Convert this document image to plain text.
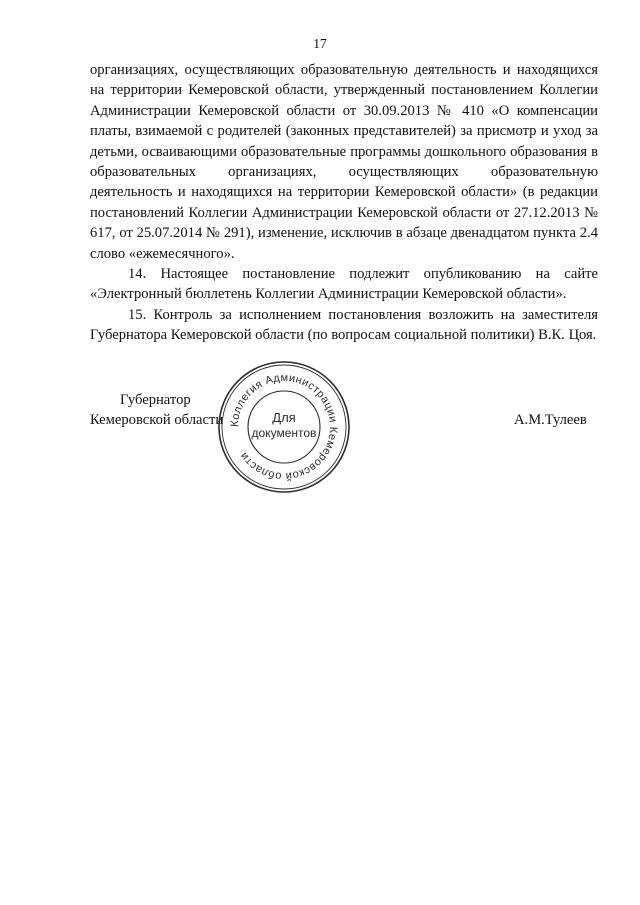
17

организациях, осуществляющих образовательную деятельность и находящихся на территории Кемеровской области, утвержденный постановлением Коллегии Администрации Кемеровской области от 30.09.2013 № 410 «О компенсации платы, взимаемой с родителей (законных представителей) за присмотр и уход за детьми, осваивающими образовательные программы дошкольного образования в образовательных организациях, осуществляющих образовательную деятельность и находящихся на территории Кемеровской области» (в редакции постановлений Коллегии Администрации Кемеровской области от 27.12.2013 № 617, от 25.07.2014 № 291), изменение, исключив в абзаце двенадцатом пункта 2.4 слово «ежемесячного».

14. Настоящее постановление подлежит опубликованию на сайте «Электронный бюллетень Коллегии Администрации Кемеровской области».

15. Контроль за исполнением постановления возложить на заместителя Губернатора Кемеровской области (по вопросам социальной политики) В.К. Цоя.

Губернатор
Кемеровской области	А.М.Тулеев
Коллегия Администрации Кемеровской области
Для
документов
